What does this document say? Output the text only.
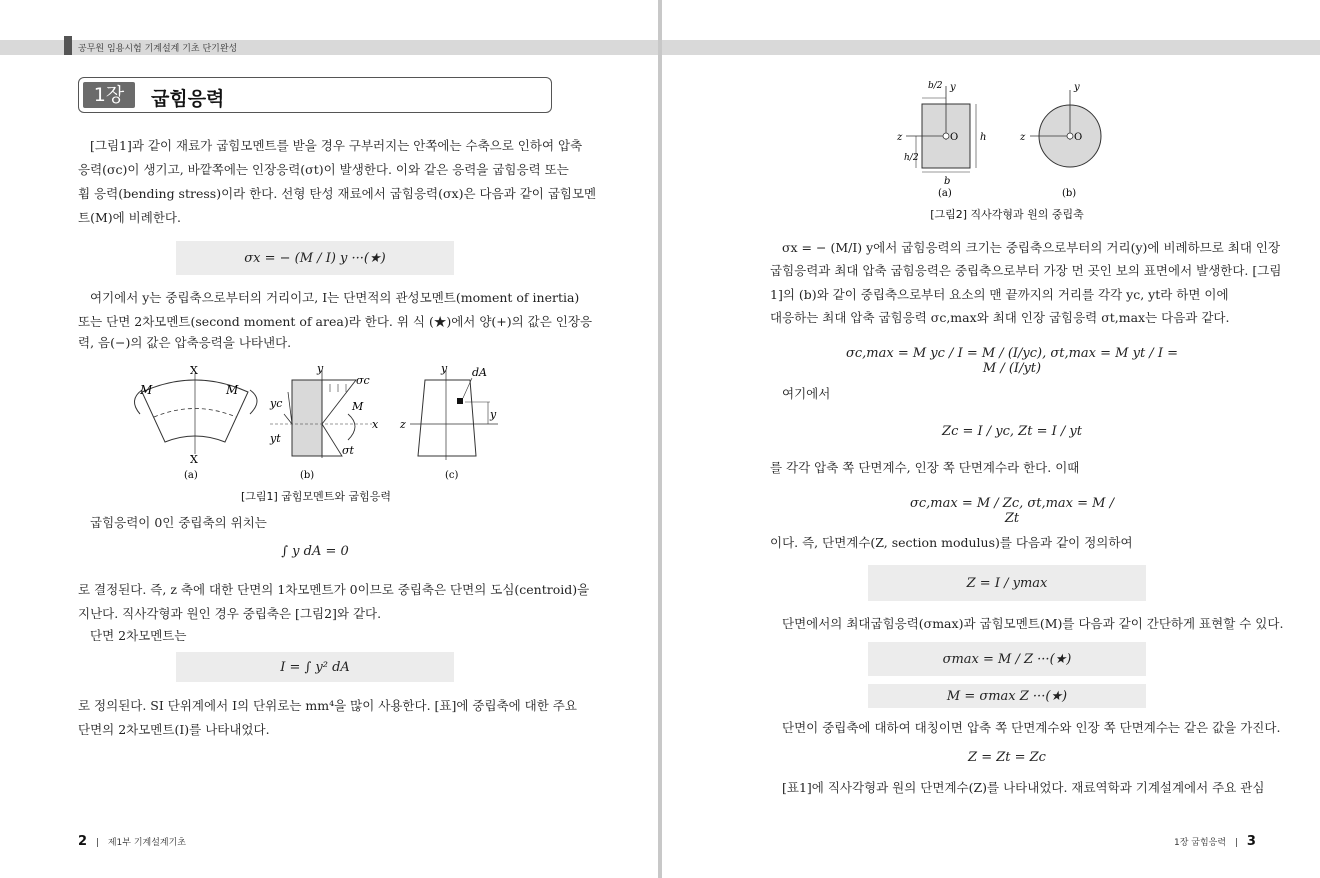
공무원 임용시험 기계설계 기초 단기완성
1장	굽힘응력
[그림1]과 같이 재료가 굽힘모멘트를 받을 경우 구부러지는 안쪽에는 수축으로 인하여 압축
응력(σc)이 생기고, 바깥쪽에는 인장응력(σt)이 발생한다. 이와 같은 응력을 굽힘응력 또는
휨 응력(bending stress)이라 한다. 선형 탄성 재료에서 굽힘응력(σx)은 다음과 같이 굽힘모멘
트(M)에 비례한다.
σx = − (M / I) y ···(★)
여기에서 y는 중립축으로부터의 거리이고, I는 단면적의 관성모멘트(moment of inertia)
또는 단면 2차모멘트(second moment of area)라 한다. 위 식 (★)에서 양(+)의 값은 인장응
력, 음(−)의 값은 압축응력을 나타낸다.
X
X
M	M
(a)
y
yc
yt
σc
M
x
σt
(b)
y dA
y
z
(c)
[그림1] 굽힘모멘트와 굽힘응력
굽힘응력이 0인 중립축의 위치는
∫ y dA = 0
로 결정된다. 즉, z 축에 대한 단면의 1차모멘트가 0이므로 중립축은 단면의 도심(centroid)을
지난다. 직사각형과 원인 경우 중립축은 [그림2]와 같다.
단면 2차모멘트는
I = ∫ y² dA
로 정의된다. SI 단위계에서 I의 단위로는 mm⁴을 많이 사용한다. [표]에 중립축에 대한 주요
단면의 2차모멘트(I)를 나타내었다.
2 | 제1부 기계설계기초
b/2 y
z	O h
h/2
b
(a)
y
z	O
(b)
[그림2] 직사각형과 원의 중립축
σx = − (M/I) y에서 굽힘응력의 크기는 중립축으로부터의 거리(y)에 비례하므로 최대 인장
굽힘응력과 최대 압축 굽힘응력은 중립축으로부터 가장 먼 곳인 보의 표면에서 발생한다. [그림
1]의 (b)와 같이 중립축으로부터 요소의 맨 끝까지의 거리를 각각 yc, yt라 하면 이에
대응하는 최대 압축 굽힘응력 σc,max와 최대 인장 굽힘응력 σt,max는 다음과 같다.
σc,max = M yc / I = M / (I/yc), σt,max = M yt / I = M / (I/yt)
여기에서
Zc = I / yc, Zt = I / yt
를 각각 압축 쪽 단면계수, 인장 쪽 단면계수라 한다. 이때
σc,max = M / Zc, σt,max = M / Zt
이다. 즉, 단면계수(Z, section modulus)를 다음과 같이 정의하여
Z = I / ymax
단면에서의 최대굽힘응력(σmax)과 굽힘모멘트(M)를 다음과 같이 간단하게 표현할 수 있다.
σmax = M / Z ···(★)
M = σmax Z ···(★)
단면이 중립축에 대하여 대칭이면 압축 쪽 단면계수와 인장 쪽 단면계수는 같은 값을 가진다.
Z = Zt = Zc
[표1]에 직사각형과 원의 단면계수(Z)를 나타내었다. 재료역학과 기계설계에서 주요 관심
1장 굽힘응력 | 3
